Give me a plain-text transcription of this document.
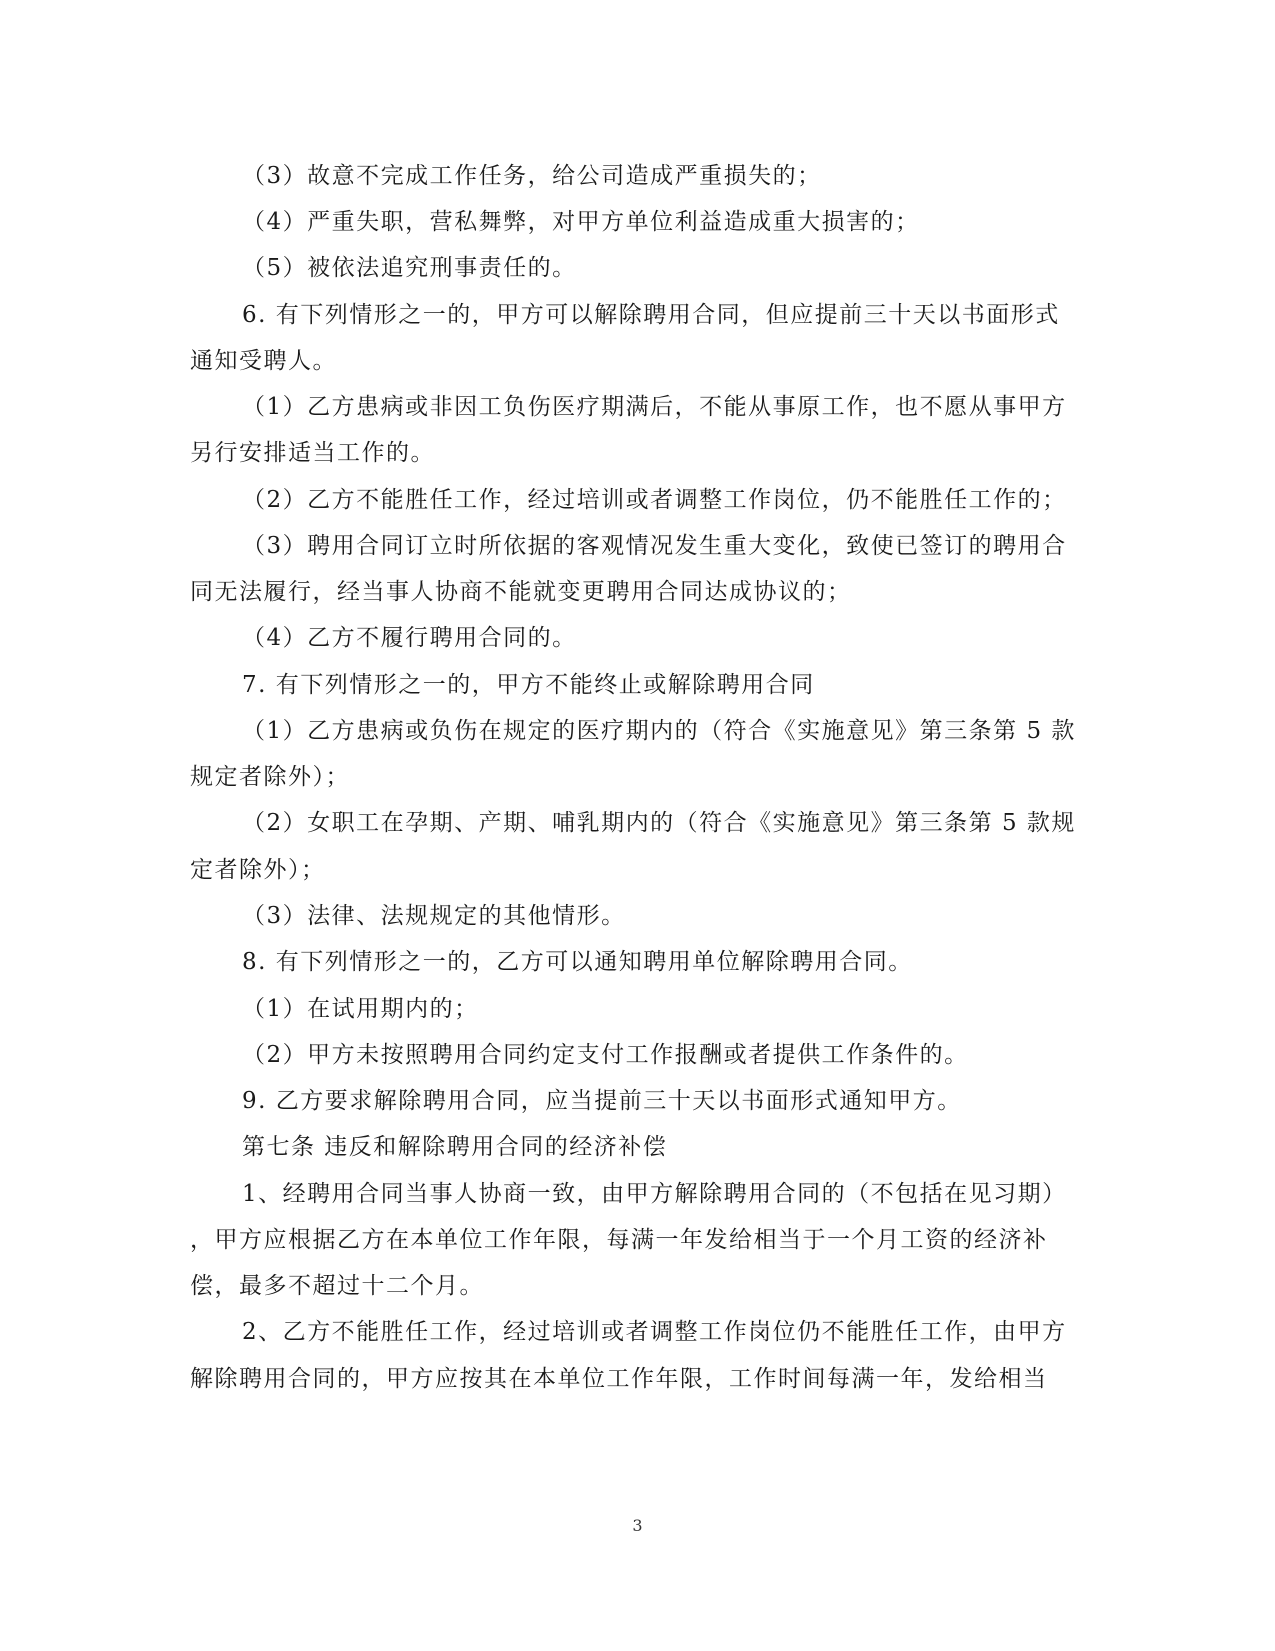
（3）故意不完成工作任务，给公司造成严重损失的；
（4）严重失职，营私舞弊，对甲方单位利益造成重大损害的；
（5）被依法追究刑事责任的。
6. 有下列情形之一的，甲方可以解除聘用合同，但应提前三十天以书面形式
通知受聘人。
（1）乙方患病或非因工负伤医疗期满后，不能从事原工作，也不愿从事甲方
另行安排适当工作的。
（2）乙方不能胜任工作，经过培训或者调整工作岗位，仍不能胜任工作的；
（3）聘用合同订立时所依据的客观情况发生重大变化，致使已签订的聘用合
同无法履行，经当事人协商不能就变更聘用合同达成协议的；
（4）乙方不履行聘用合同的。
7. 有下列情形之一的，甲方不能终止或解除聘用合同
（1）乙方患病或负伤在规定的医疗期内的（符合《实施意见》第三条第 5 款
规定者除外）；
（2）女职工在孕期、产期、哺乳期内的（符合《实施意见》第三条第 5 款规
定者除外）；
（3）法律、法规规定的其他情形。
8. 有下列情形之一的，乙方可以通知聘用单位解除聘用合同。
（1）在试用期内的；
（2）甲方未按照聘用合同约定支付工作报酬或者提供工作条件的。
9. 乙方要求解除聘用合同，应当提前三十天以书面形式通知甲方。
第七条 违反和解除聘用合同的经济补偿
1、经聘用合同当事人协商一致，由甲方解除聘用合同的（不包括在见习期）
，甲方应根据乙方在本单位工作年限，每满一年发给相当于一个月工资的经济补
偿，最多不超过十二个月。
2、乙方不能胜任工作，经过培训或者调整工作岗位仍不能胜任工作，由甲方
解除聘用合同的，甲方应按其在本单位工作年限，工作时间每满一年，发给相当
3
